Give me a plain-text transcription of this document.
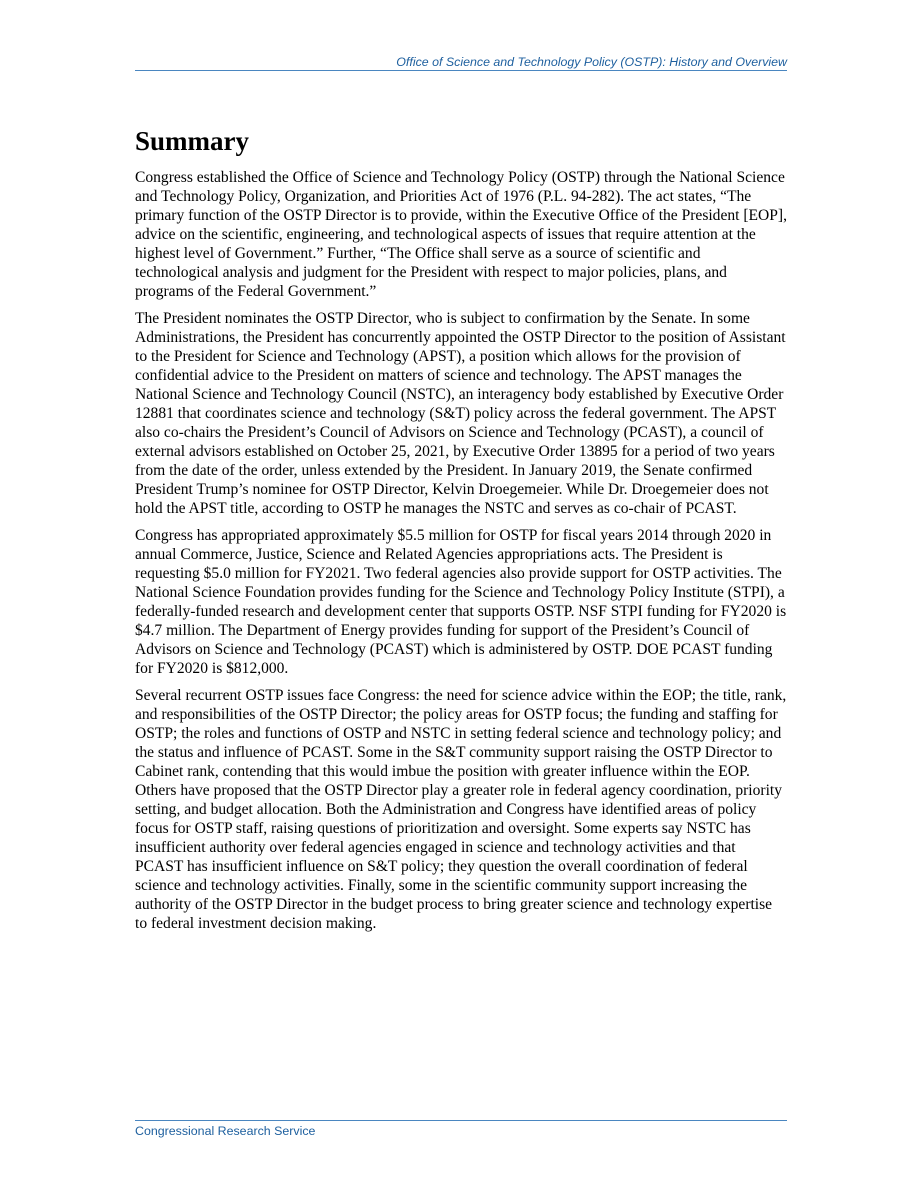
Office of Science and Technology Policy (OSTP): History and Overview
Summary

Congress established the Office of Science and Technology Policy (OSTP) through the National Science and Technology Policy, Organization, and Priorities Act of 1976 (P.L. 94-282). The act states, “The primary function of the OSTP Director is to provide, within the Executive Office of the President [EOP], advice on the scientific, engineering, and technological aspects of issues that require attention at the highest level of Government.” Further, “The Office shall serve as a source of scientific and technological analysis and judgment for the President with respect to major policies, plans, and programs of the Federal Government.”

The President nominates the OSTP Director, who is subject to confirmation by the Senate. In some Administrations, the President has concurrently appointed the OSTP Director to the position of Assistant to the President for Science and Technology (APST), a position which allows for the provision of confidential advice to the President on matters of science and technology. The APST manages the National Science and Technology Council (NSTC), an interagency body established by Executive Order 12881 that coordinates science and technology (S&T) policy across the federal government. The APST also co-chairs the President’s Council of Advisors on Science and Technology (PCAST), a council of external advisors established on October 25, 2021, by Executive Order 13895 for a period of two years from the date of the order, unless extended by the President. In January 2019, the Senate confirmed President Trump’s nominee for OSTP Director, Kelvin Droegemeier. While Dr. Droegemeier does not hold the APST title, according to OSTP he manages the NSTC and serves as co-chair of PCAST.

Congress has appropriated approximately $5.5 million for OSTP for fiscal years 2014 through 2020 in annual Commerce, Justice, Science and Related Agencies appropriations acts. The President is requesting $5.0 million for FY2021. Two federal agencies also provide support for OSTP activities. The National Science Foundation provides funding for the Science and Technology Policy Institute (STPI), a federally-funded research and development center that supports OSTP. NSF STPI funding for FY2020 is $4.7 million. The Department of Energy provides funding for support of the President’s Council of Advisors on Science and Technology (PCAST) which is administered by OSTP. DOE PCAST funding for FY2020 is $812,000.

Several recurrent OSTP issues face Congress: the need for science advice within the EOP; the title, rank, and responsibilities of the OSTP Director; the policy areas for OSTP focus; the funding and staffing for OSTP; the roles and functions of OSTP and NSTC in setting federal science and technology policy; and the status and influence of PCAST. Some in the S&T community support raising the OSTP Director to Cabinet rank, contending that this would imbue the position with greater influence within the EOP. Others have proposed that the OSTP Director play a greater role in federal agency coordination, priority setting, and budget allocation. Both the Administration and Congress have identified areas of policy focus for OSTP staff, raising questions of prioritization and oversight. Some experts say NSTC has insufficient authority over federal agencies engaged in science and technology activities and that PCAST has insufficient influence on S&T policy; they question the overall coordination of federal science and technology activities. Finally, some in the scientific community support increasing the authority of the OSTP Director in the budget process to bring greater science and technology expertise to federal investment decision making.

Congressional Research Service
